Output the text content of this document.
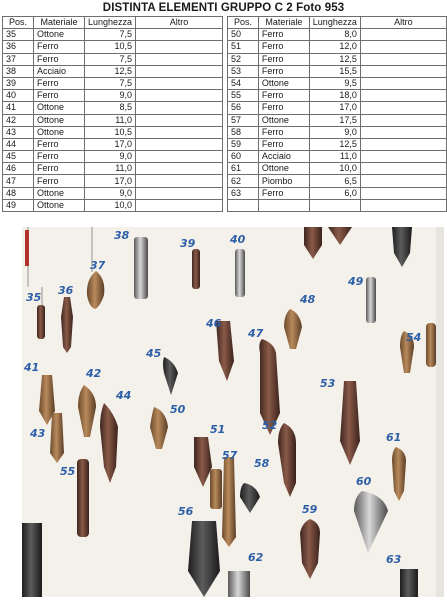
DISTINTA ELEMENTI GRUPPO C 2 Foto 953
Pos.	Materiale	Lunghezza	Altro
35	Ottone	7,5	
36	Ferro	10,5	
37	Ferro	7,5	
38	Acciaio	12,5	
39	Ferro	7,5	
40	Ferro	9,0	
41	Ottone	8,5	
42	Ottone	11,0	
43	Ottone	10,5	
44	Ferro	17,0	
45	Ferro	9,0	
46	Ferro	11,0	
47	Ferro	17,0	
48	Ottone	9,0	
49	Ottone	10,0	
Pos.	Materiale	Lunghezza	Altro
50	Ferro	8,0	
51	Ferro	12,0	
52	Ferro	12,5	
53	Ferro	15,5	
54	Ottone	9,5	
55	Ferro	18,0	
56	Ferro	17,0	
57	Ottone	17,5	
58	Ferro	9,0	
59	Ferro	12,5	
60	Acciaio	11,0	
61	Ottone	10,0	
62	Piombo	6,5	
63	Ferro	6,0	

35
36
37
38
39	40
41	42
43
44
45
46
47
48
49
50
51	52
53
54
55
56
57
58
59
60
61
62	63
